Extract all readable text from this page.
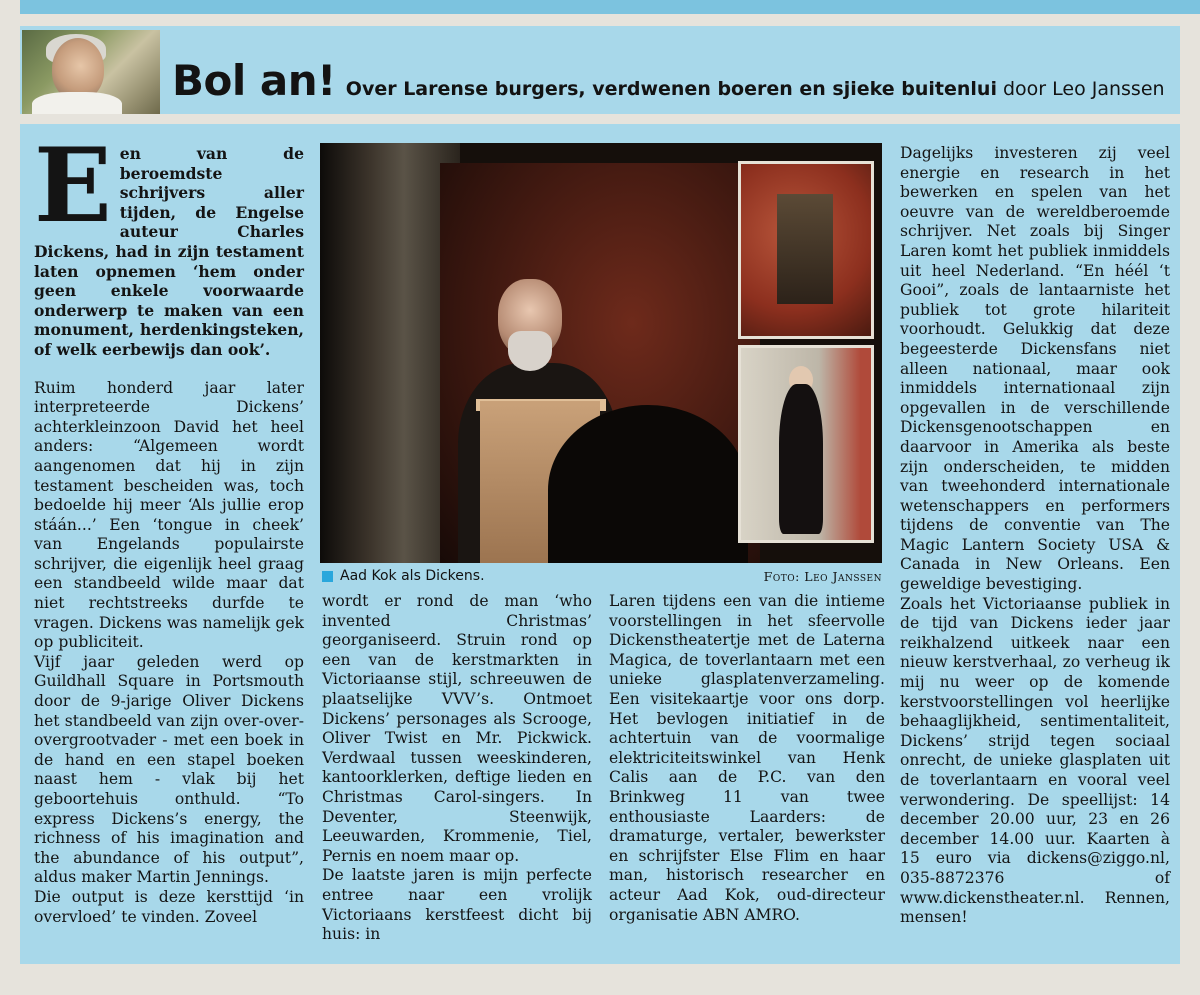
Bol an! Over Larense burgers, verdwenen boeren en sjieke buitenlui door Leo Janssen
E en van de beroemdste schrijvers aller tijden, de Engelse auteur Charles Dickens, had in zijn testament laten opnemen ‘hem onder geen enkele voorwaarde onderwerp te maken van een monument, herdenkingsteken, of welk eerbewijs dan ook’.

Ruim honderd jaar later interpreteerde Dickens’ achterkleinzoon David het heel anders: “Algemeen wordt aangenomen dat hij in zijn testament bescheiden was, toch bedoelde hij meer ‘Als jullie erop stáán...’ Een ‘tongue in cheek’ van Engelands populairste schrijver, die eigenlijk heel graag een standbeeld wilde maar dat niet rechtstreeks durfde te vragen. Dickens was namelijk gek op publiciteit.

Vijf jaar geleden werd op Guildhall Square in Portsmouth door de 9-jarige Oliver Dickens het standbeeld van zijn over-over-overgrootvader - met een boek in de hand en een stapel boeken naast hem - vlak bij het geboortehuis onthuld. “To express Dickens’s energy, the richness of his imagination and the abundance of his output”, aldus maker Martin Jennings.

Die output is deze kersttijd ‘in overvloed’ te vinden. Zoveel

Aad Kok als Dickens.	Foto: Leo Janssen

wordt er rond de man ‘who invented Christmas’ georganiseerd. Struin rond op een van de kerstmarkten in Victoriaanse stijl, schreeuwen de plaatselijke VVV’s. Ontmoet Dickens’ personages als Scrooge, Oliver Twist en Mr. Pickwick. Verdwaal tussen weeskinderen, kantoorklerken, deftige lieden en Christmas Carol-singers. In Deventer, Steenwijk, Leeuwarden, Krommenie, Tiel, Pernis en noem maar op.

De laatste jaren is mijn perfecte entree naar een vrolijk Victoriaans kerstfeest dicht bij huis: in

Laren tijdens een van die intieme voorstellingen in het sfeervolle Dickenstheatertje met de Laterna Magica, de toverlantaarn met een unieke glasplatenverzameling. Een visitekaartje voor ons dorp. Het bevlogen initiatief in de achtertuin van de voormalige elektriciteitswinkel van Henk Calis aan de P.C. van den Brinkweg 11 van twee enthousiaste Laarders: de dramaturge, vertaler, bewerkster en schrijfster Else Flim en haar man, historisch researcher en acteur Aad Kok, oud-directeur organisatie ABN AMRO.

Dagelijks investeren zij veel energie en research in het bewerken en spelen van het oeuvre van de wereldberoemde schrijver. Net zoals bij Singer Laren komt het publiek inmiddels uit heel Nederland. “En héél ‘t Gooi”, zoals de lantaarniste het publiek tot grote hilariteit voorhoudt. Gelukkig dat deze begeesterde Dickensfans niet alleen nationaal, maar ook inmiddels internationaal zijn opgevallen in de verschillende Dickensgenootschappen en daarvoor in Amerika als beste zijn onderscheiden, te midden van tweehonderd internationale wetenschappers en performers tijdens de conventie van The Magic Lantern Society USA & Canada in New Orleans. Een geweldige bevestiging.

Zoals het Victoriaanse publiek in de tijd van Dickens ieder jaar reikhalzend uitkeek naar een nieuw kerstverhaal, zo verheug ik mij nu weer op de komende kerstvoorstellingen vol heerlijke behaaglijkheid, sentimentaliteit, Dickens’ strijd tegen sociaal onrecht, de unieke glasplaten uit de toverlantaarn en vooral veel verwondering. De speellijst: 14 december 20.00 uur, 23 en 26 december 14.00 uur. Kaarten à 15 euro via dickens@ziggo.nl, 035-8872376 of www.dickenstheater.nl. Rennen, mensen!
